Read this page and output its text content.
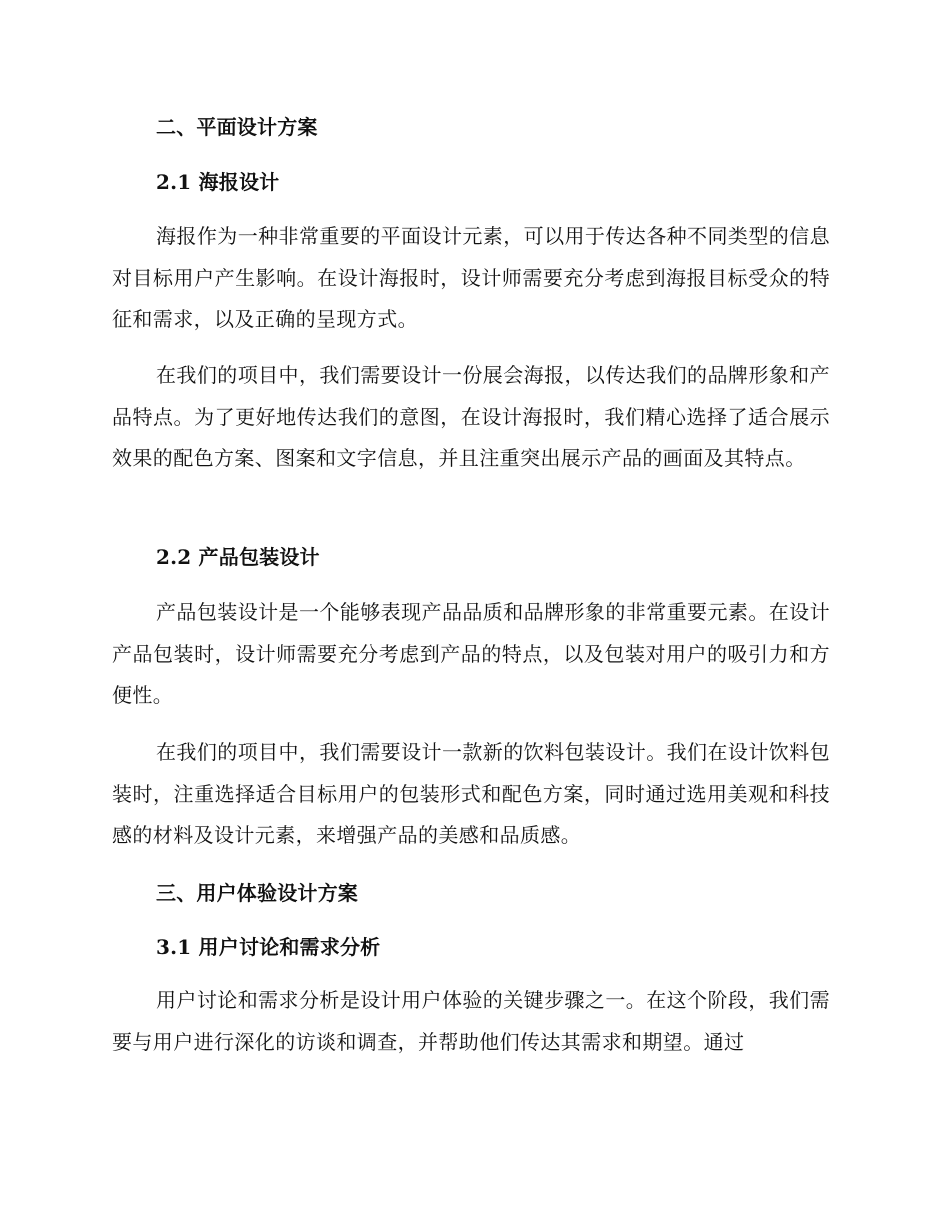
二、平面设计方案
2.1 海报设计
海报作为一种非常重要的平面设计元素，可以用于传达各种不同类型的信息对目标用户产生影响。在设计海报时，设计师需要充分考虑到海报目标受众的特征和需求，以及正确的呈现方式。
在我们的项目中，我们需要设计一份展会海报，以传达我们的品牌形象和产品特点。为了更好地传达我们的意图，在设计海报时，我们精心选择了适合展示效果的配色方案、图案和文字信息，并且注重突出展示产品的画面及其特点。
2.2 产品包装设计
产品包装设计是一个能够表现产品品质和品牌形象的非常重要元素。在设计产品包装时，设计师需要充分考虑到产品的特点，以及包装对用户的吸引力和方便性。
在我们的项目中，我们需要设计一款新的饮料包装设计。我们在设计饮料包装时，注重选择适合目标用户的包装形式和配色方案，同时通过选用美观和科技感的材料及设计元素，来增强产品的美感和品质感。
三、用户体验设计方案
3.1 用户讨论和需求分析
用户讨论和需求分析是设计用户体验的关键步骤之一。在这个阶段，我们需要与用户进行深化的访谈和调查，并帮助他们传达其需求和期望。通过
